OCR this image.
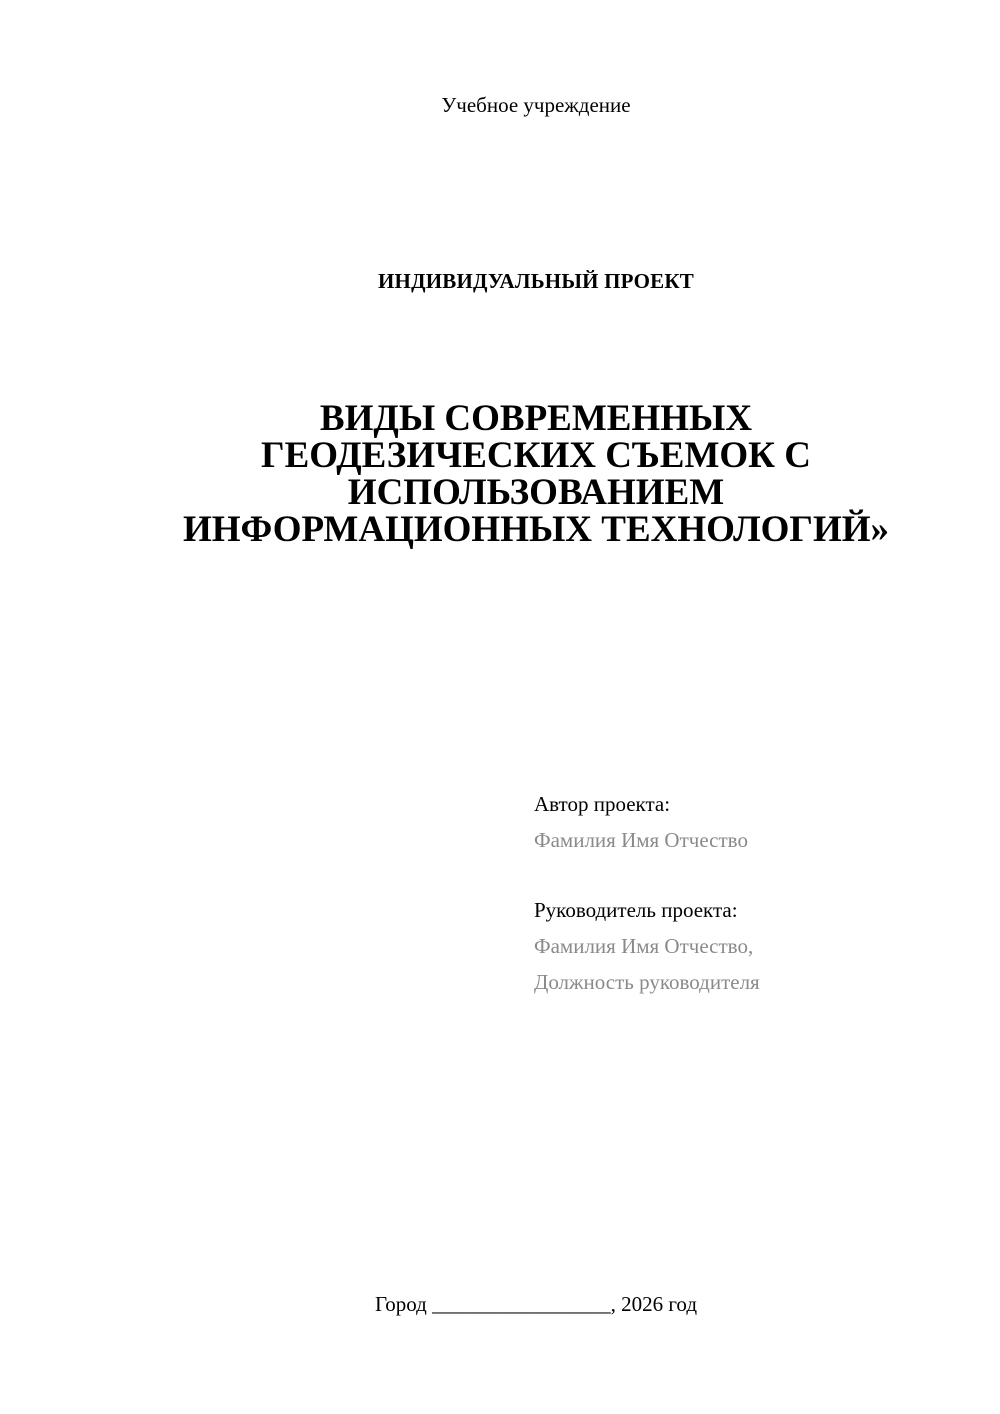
Учебное учреждение
ИНДИВИДУАЛЬНЫЙ ПРОЕКТ
ВИДЫ СОВРЕМЕННЫХ
ГЕОДЕЗИЧЕСКИХ СЪЕМОК С
ИСПОЛЬЗОВАНИЕМ
ИНФОРМАЦИОННЫХ ТЕХНОЛОГИЙ»
Автор проекта:
Фамилия Имя Отчество
Руководитель проекта:
Фамилия Имя Отчество,
Должность руководителя
Город _________________, 2026 год
